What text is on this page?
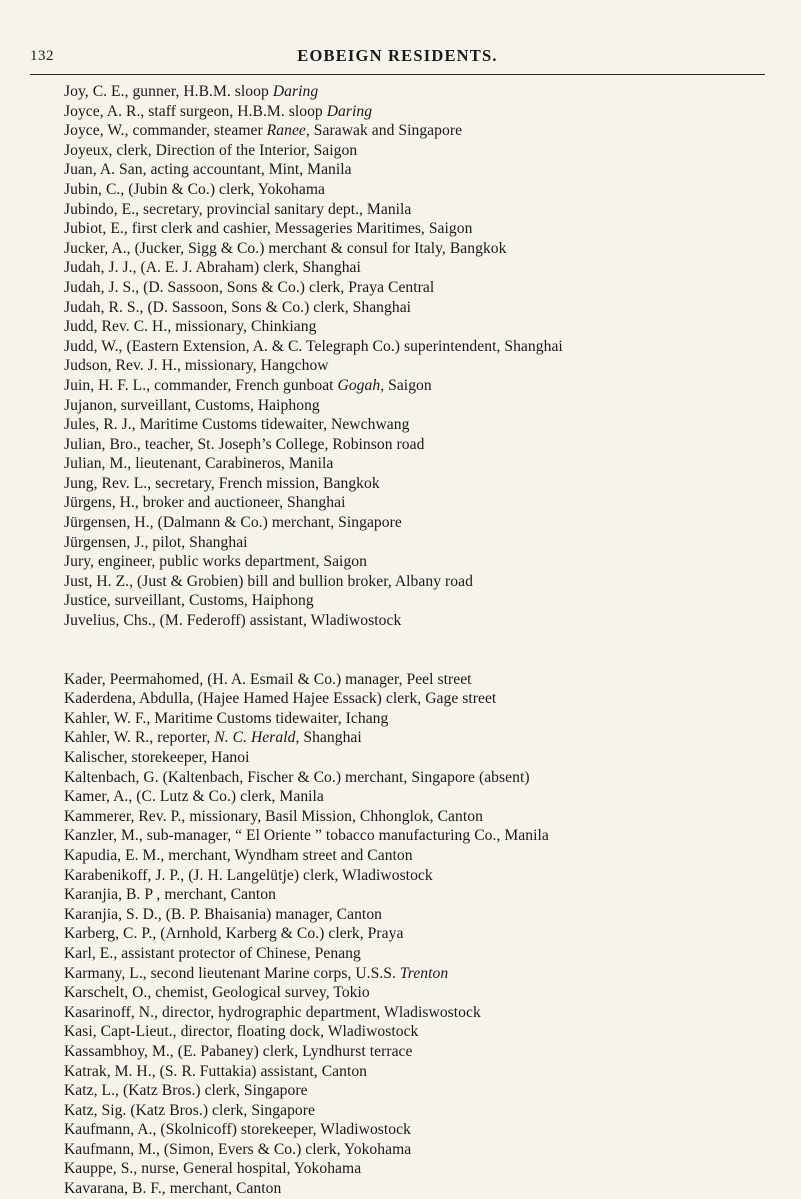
132	EOBEIGN RESIDENTS.
Joy, C. E., gunner, H.B.M. sloop Daring
Joyce, A. R., staff surgeon, H.B.M. sloop Daring
Joyce, W., commander, steamer Ranee, Sarawak and Singapore
Joyeux, clerk, Direction of the Interior, Saigon
Juan, A. San, acting accountant, Mint, Manila
Jubin, C., (Jubin & Co.) clerk, Yokohama
Jubindo, E., secretary, provincial sanitary dept., Manila
Jubiot, E., first clerk and cashier, Messageries Maritimes, Saigon
Jucker, A., (Jucker, Sigg & Co.) merchant & consul for Italy, Bangkok
Judah, J. J., (A. E. J. Abraham) clerk, Shanghai
Judah, J. S., (D. Sassoon, Sons & Co.) clerk, Praya Central
Judah, R. S., (D. Sassoon, Sons & Co.) clerk, Shanghai
Judd, Rev. C. H., missionary, Chinkiang
Judd, W., (Eastern Extension, A. & C. Telegraph Co.) superintendent, Shanghai
Judson, Rev. J. H., missionary, Hangchow
Juin, H. F. L., commander, French gunboat Gogah, Saigon
Jujanon, surveillant, Customs, Haiphong
Jules, R. J., Maritime Customs tidewaiter, Newchwang
Julian, Bro., teacher, St. Joseph’s College, Robinson road
Julian, M., lieutenant, Carabineros, Manila
Jung, Rev. L., secretary, French mission, Bangkok
Jürgens, H., broker and auctioneer, Shanghai
Jürgensen, H., (Dalmann & Co.) merchant, Singapore
Jürgensen, J., pilot, Shanghai
Jury, engineer, public works department, Saigon
Just, H. Z., (Just & Grobien) bill and bullion broker, Albany road
Justice, surveillant, Customs, Haiphong
Juvelius, Chs., (M. Federoff) assistant, Wladiwostock
Kader, Peermahomed, (H. A. Esmail & Co.) manager, Peel street
Kaderdena, Abdulla, (Hajee Hamed Hajee Essack) clerk, Gage street
Kahler, W. F., Maritime Customs tidewaiter, Ichang
Kahler, W. R., reporter, N. C. Herald, Shanghai
Kalischer, storekeeper, Hanoi
Kaltenbach, G. (Kaltenbach, Fischer & Co.) merchant, Singapore (absent)
Kamer, A., (C. Lutz & Co.) clerk, Manila
Kammerer, Rev. P., missionary, Basil Mission, Chhonglok, Canton
Kanzler, M., sub-manager, “ El Oriente ” tobacco manufacturing Co., Manila
Kapudia, E. M., merchant, Wyndham street and Canton
Karabenikoff, J. P., (J. H. Langelütje) clerk, Wladiwostock
Karanjia, B. P , merchant, Canton
Karanjia, S. D., (B. P. Bhaisania) manager, Canton
Karberg, C. P., (Arnhold, Karberg & Co.) clerk, Praya
Karl, E., assistant protector of Chinese, Penang
Karmany, L., second lieutenant Marine corps, U.S.S. Trenton
Karschelt, O., chemist, Geological survey, Tokio
Kasarinoff, N., director, hydrographic department, Wladiswostock
Kasi, Capt-Lieut., director, floating dock, Wladiwostock
Kassambhoy, M., (E. Pabaney) clerk, Lyndhurst terrace
Katrak, M. H., (S. R. Futtakia) assistant, Canton
Katz, L., (Katz Bros.) clerk, Singapore
Katz, Sig. (Katz Bros.) clerk, Singapore
Kaufmann, A., (Skolnicoff) storekeeper, Wladiwostock
Kaufmann, M., (Simon, Evers & Co.) clerk, Yokohama
Kauppe, S., nurse, General hospital, Yokohama
Kavarana, B. F., merchant, Canton
